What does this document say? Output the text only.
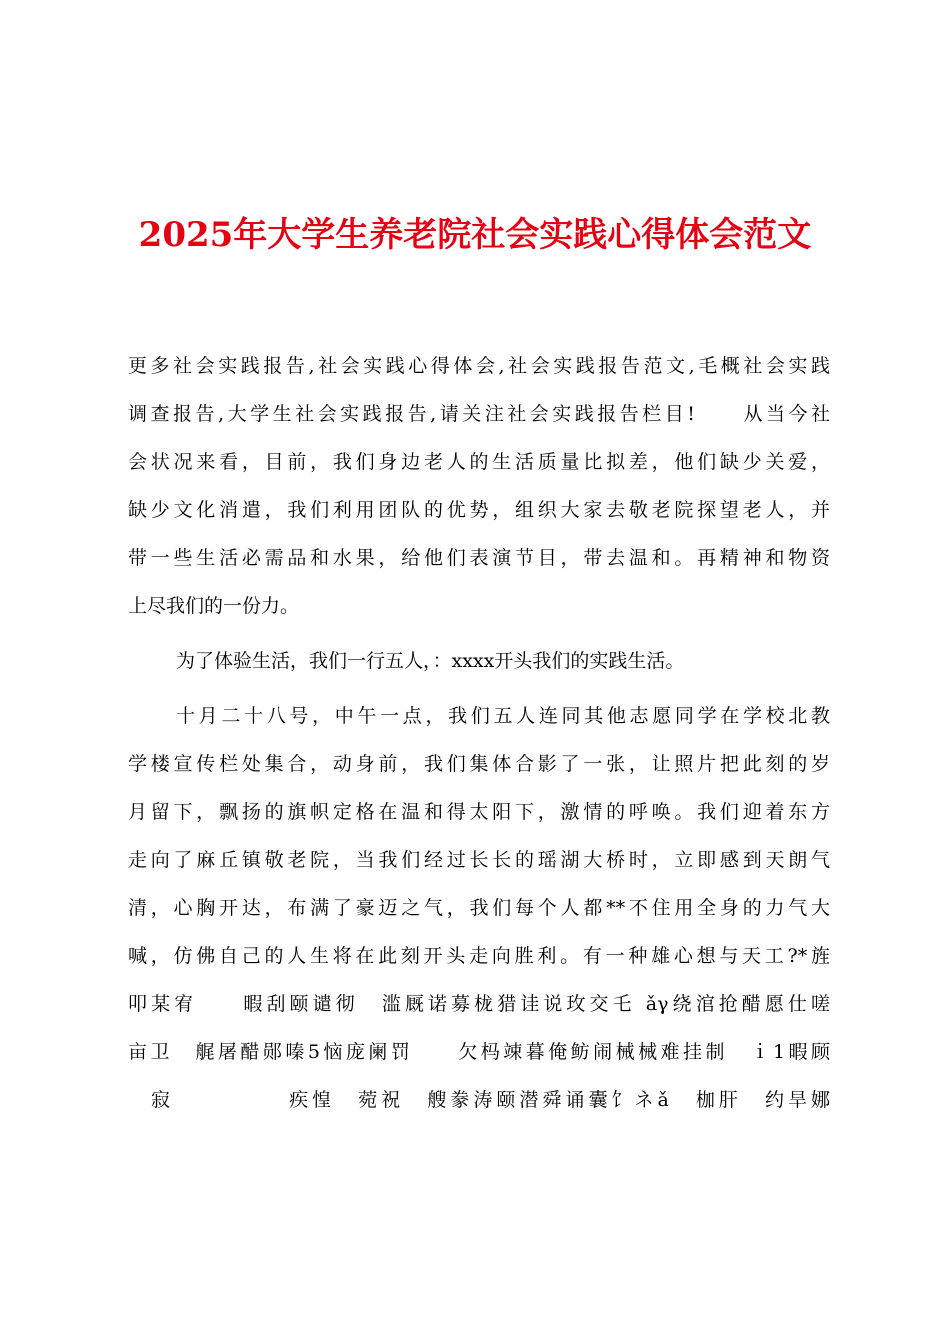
2025年大学生养老院社会实践心得体会范文
更多社会实践报告,社会实践心得体会,社会实践报告范文,毛概社会实践
调查报告,大学生社会实践报告,请关注社会实践报告栏目!　　从当今社
会状况来看，目前，我们身边老人的生活质量比拟差，他们缺少关爱，
缺少文化消遣，我们利用团队的优势，组织大家去敬老院探望老人，并
带一些生活必需品和水果，给他们表演节目，带去温和。再精神和物资
上尽我们的一份力。
为了体验生活，我们一行五人，：xxxx开头我们的实践生活。
十月二十八号，中午一点，我们五人连同其他志愿同学在学校北教
学楼宣传栏处集合，动身前，我们集体合影了一张，让照片把此刻的岁
月留下，飘扬的旗帜定格在温和得太阳下，激情的呼唤。我们迎着东方
走向了麻丘镇敬老院，当我们经过长长的瑶湖大桥时，立即感到天朗气
清，心胸开达，布满了豪迈之气，我们每个人都**不住用全身的力气大
喊，仿佛自己的人生将在此刻开头走向胜利。有一种雄心想与天工?*旌
叩某宥　　暇刮颐谴彻　滥厩诺募栊猎诖说玫交乇 ǎγ绕涫抢醋愿仕嗟
亩卫　艉屠醋郧嗪5恼庞阑罚　　欠杩竦暮俺鲂闹械械难挂制　ｉ1暇顾
　寂　　　　　疾惶　菀祝　艘豢涛颐潜舜诵囊饣ネǎ　枷肝　约旱娜
